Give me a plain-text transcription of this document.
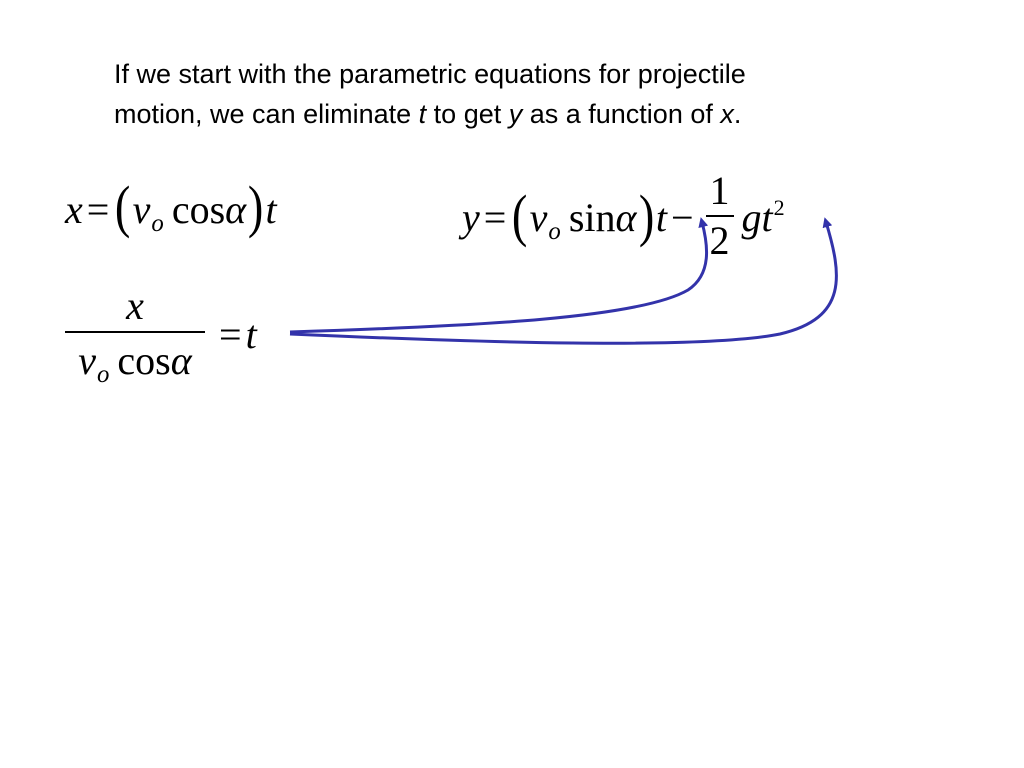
If we start with the parametric equations for projectile
motion, we can eliminate t to get y as a function of x.
x = (vo cosα)t	y = (vo $\sin\alpha)t - \frac{1}{2} gt^2$
$\frac{x}{\text{vo cosα}} = t$
